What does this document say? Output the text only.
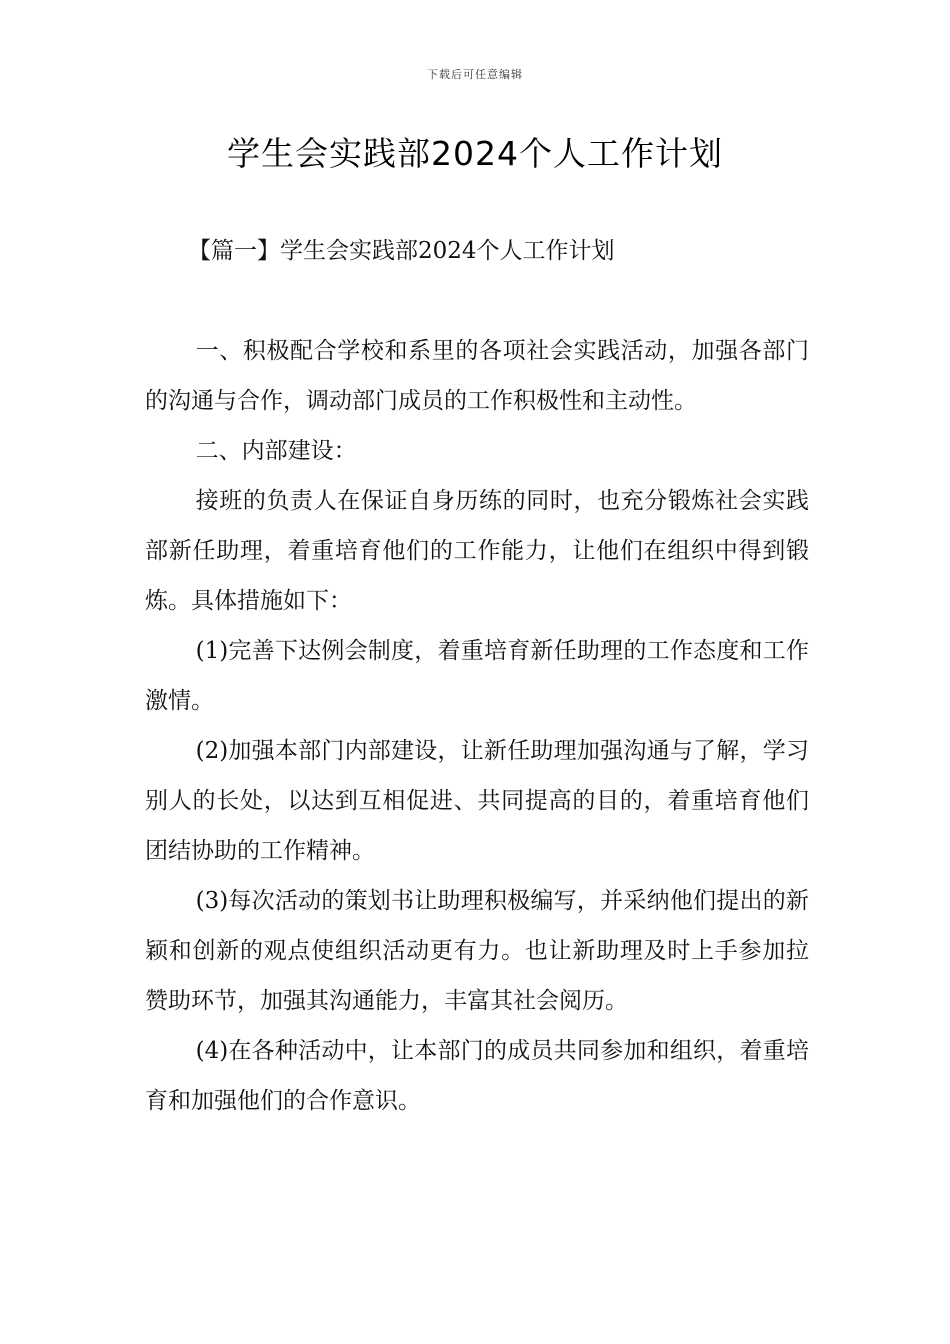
下载后可任意编辑
学生会实践部2024个人工作计划
【篇一】学生会实践部2024个人工作计划

一、积极配合学校和系里的各项社会实践活动，加强各部门的沟通与合作，调动部门成员的工作积极性和主动性。

二、内部建设：

接班的负责人在保证自身历练的同时，也充分锻炼社会实践部新任助理，着重培育他们的工作能力，让他们在组织中得到锻炼。具体措施如下：

(1)完善下达例会制度，着重培育新任助理的工作态度和工作激情。

(2)加强本部门内部建设，让新任助理加强沟通与了解，学习别人的长处，以达到互相促进、共同提高的目的，着重培育他们团结协助的工作精神。

(3)每次活动的策划书让助理积极编写，并采纳他们提出的新颖和创新的观点使组织活动更有力。也让新助理及时上手参加拉赞助环节，加强其沟通能力，丰富其社会阅历。

(4)在各种活动中，让本部门的成员共同参加和组织，着重培育和加强他们的合作意识。
